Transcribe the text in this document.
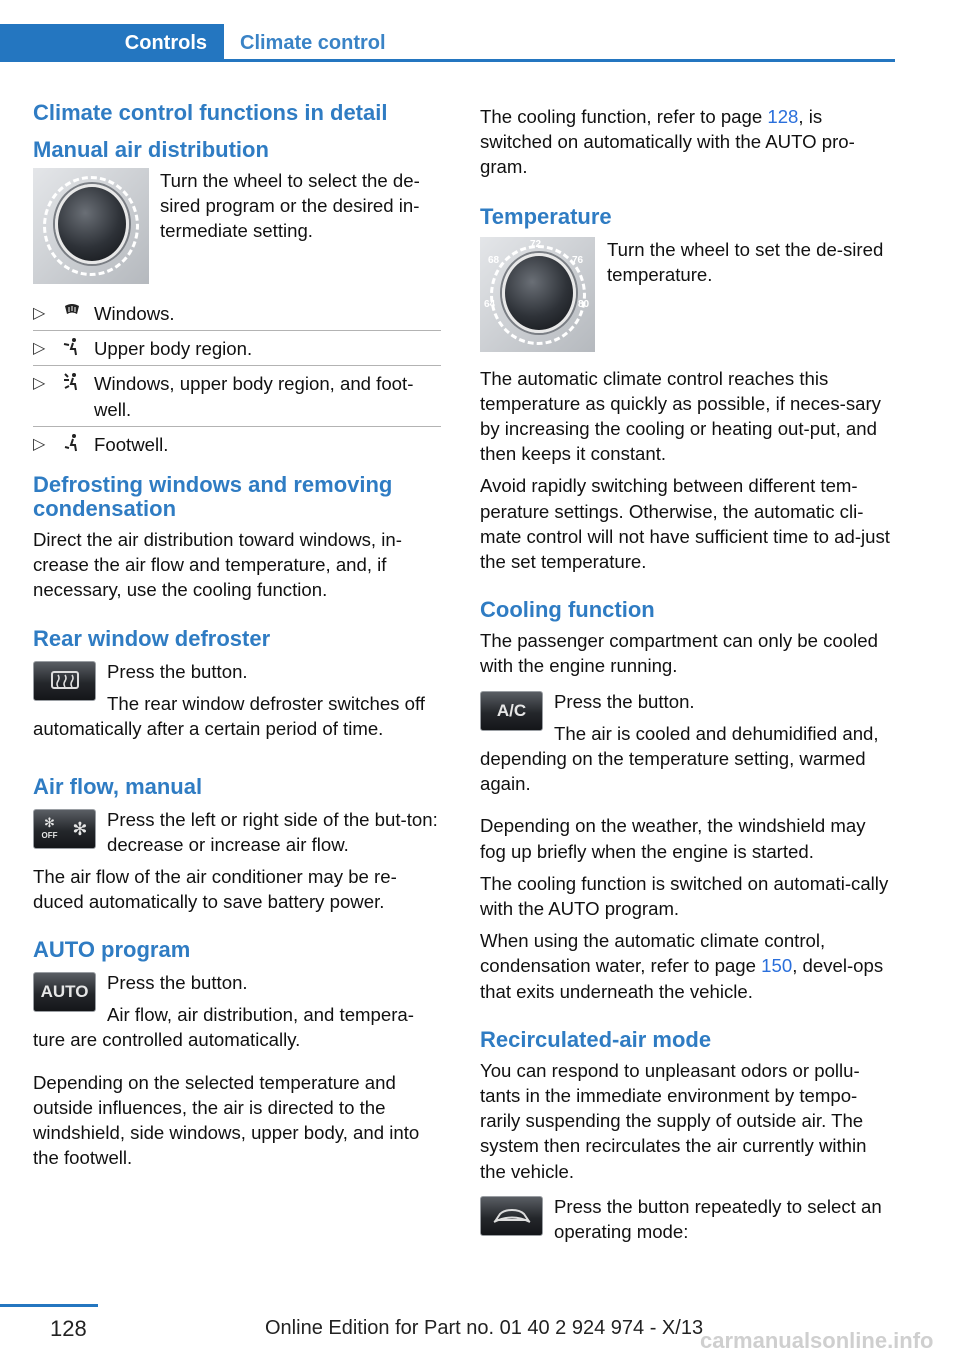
Controls	Climate control
Climate control functions in detail
Manual air distribution

Turn the wheel to select the de-sired program or the desired in-termediate setting.

▷	Windows.
▷	Upper body region.
▷	Windows, upper body region, and foot-well.
▷	Footwell.
Defrosting windows and removing condensation

Direct the air distribution toward windows, in-crease the air flow and temperature, and, if necessary, use the cooling function.

Rear window defroster

Press the button.

The rear window defroster switches off automatically after a certain period of time.

Air flow, manual
✻
OFF ✻	Press the left or right side of the but-ton: decrease or increase air flow.

The air flow of the air conditioner may be re-duced automatically to save battery power.

AUTO program
AUTO Press the button.

Air flow, air distribution, and tempera-ture are controlled automatically.

Depending on the selected temperature and outside influences, the air is directed to the windshield, side windows, upper body, and into the footwell.

The cooling function, refer to page 128, is switched on automatically with the AUTO pro-gram.

Temperature
68
72
76
64	80

Turn the wheel to set the de-sired temperature.

The automatic climate control reaches this temperature as quickly as possible, if neces-sary by increasing the cooling or heating out-put, and then keeps it constant.

Avoid rapidly switching between different tem-perature settings. Otherwise, the automatic cli-mate control will not have sufficient time to ad-just the set temperature.

Cooling function

The passenger compartment can only be cooled with the engine running.

A/C	Press the button.

The air is cooled and dehumidified and, depending on the temperature setting, warmed again.

Depending on the weather, the windshield may fog up briefly when the engine is started.

The cooling function is switched on automati-cally with the AUTO program.

When using the automatic climate control, condensation water, refer to page 150, devel-ops that exits underneath the vehicle.

Recirculated-air mode

You can respond to unpleasant odors or pollu-tants in the immediate environment by tempo-rarily suspending the supply of outside air. The system then recirculates the air currently within the vehicle.

Press the button repeatedly to select an operating mode:

128	Online Edition for Part no. 01 40 2 924 974 - X/13
carmanualsonline.info
